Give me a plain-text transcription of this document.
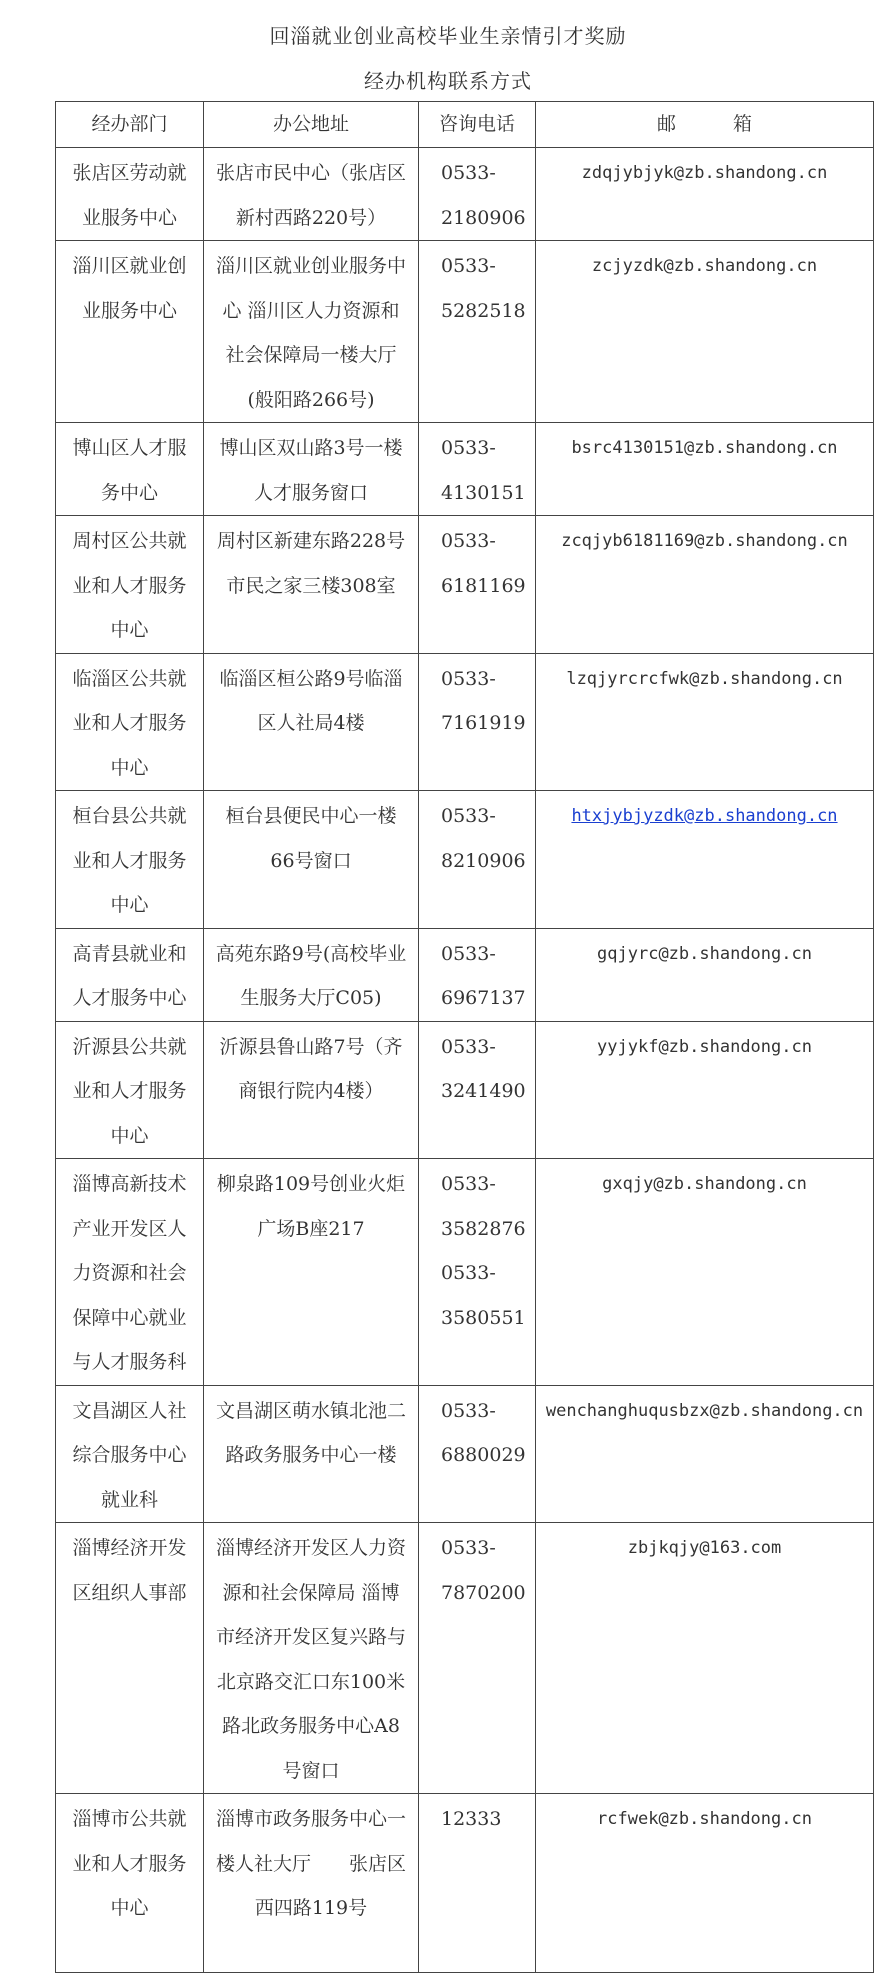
回淄就业创业高校毕业生亲情引才奖励
经办机构联系方式
经办部门	办公地址	咨询电话	邮　　　箱
张店区劳动就业服务中心	张店市民中心（张店区新村西路220号）	0533-2180906	zdqjybjyk@zb.shandong.cn
淄川区就业创业服务中心	淄川区就业创业服务中心 淄川区人力资源和社会保障局一楼大厅(般阳路266号)	0533-5282518	zcjyzdk@zb.shandong.cn
博山区人才服务中心	博山区双山路3号一楼人才服务窗口	0533-4130151	bsrc4130151@zb.shandong.cn
周村区公共就业和人才服务中心	周村区新建东路228号市民之家三楼308室	0533-6181169	zcqjyb6181169@zb.shandong.cn
临淄区公共就业和人才服务中心	临淄区桓公路9号临淄区人社局4楼	0533-7161919	lzqjyrcrcfwk@zb.shandong.cn
桓台县公共就业和人才服务中心	桓台县便民中心一楼66号窗口	0533-8210906	htxjybjyzdk@zb.shandong.cn
高青县就业和人才服务中心	高苑东路9号(高校毕业生服务大厅C05)	0533-6967137	gqjyrc@zb.shandong.cn
沂源县公共就业和人才服务中心	沂源县鲁山路7号（齐商银行院内4楼）	0533-3241490	yyjykf@zb.shandong.cn
淄博高新技术产业开发区人力资源和社会保障中心就业与人才服务科	柳泉路109号创业火炬广场B座217	0533-3582876 0533-3580551	gxqjy@zb.shandong.cn
文昌湖区人社综合服务中心就业科	文昌湖区萌水镇北池二路政务服务中心一楼	0533-6880029	wenchanghuqusbzx@zb.shandong.cn
淄博经济开发区组织人事部	淄博经济开发区人力资源和社会保障局 淄博市经济开发区复兴路与北京路交汇口东100米路北政务服务中心A8号窗口	0533-7870200	zbjkqjy@163.com
淄博市公共就业和人才服务中心	淄博市政务服务中心一楼人社大厅　　张店区西四路119号	12333	rcfwek@zb.shandong.cn
